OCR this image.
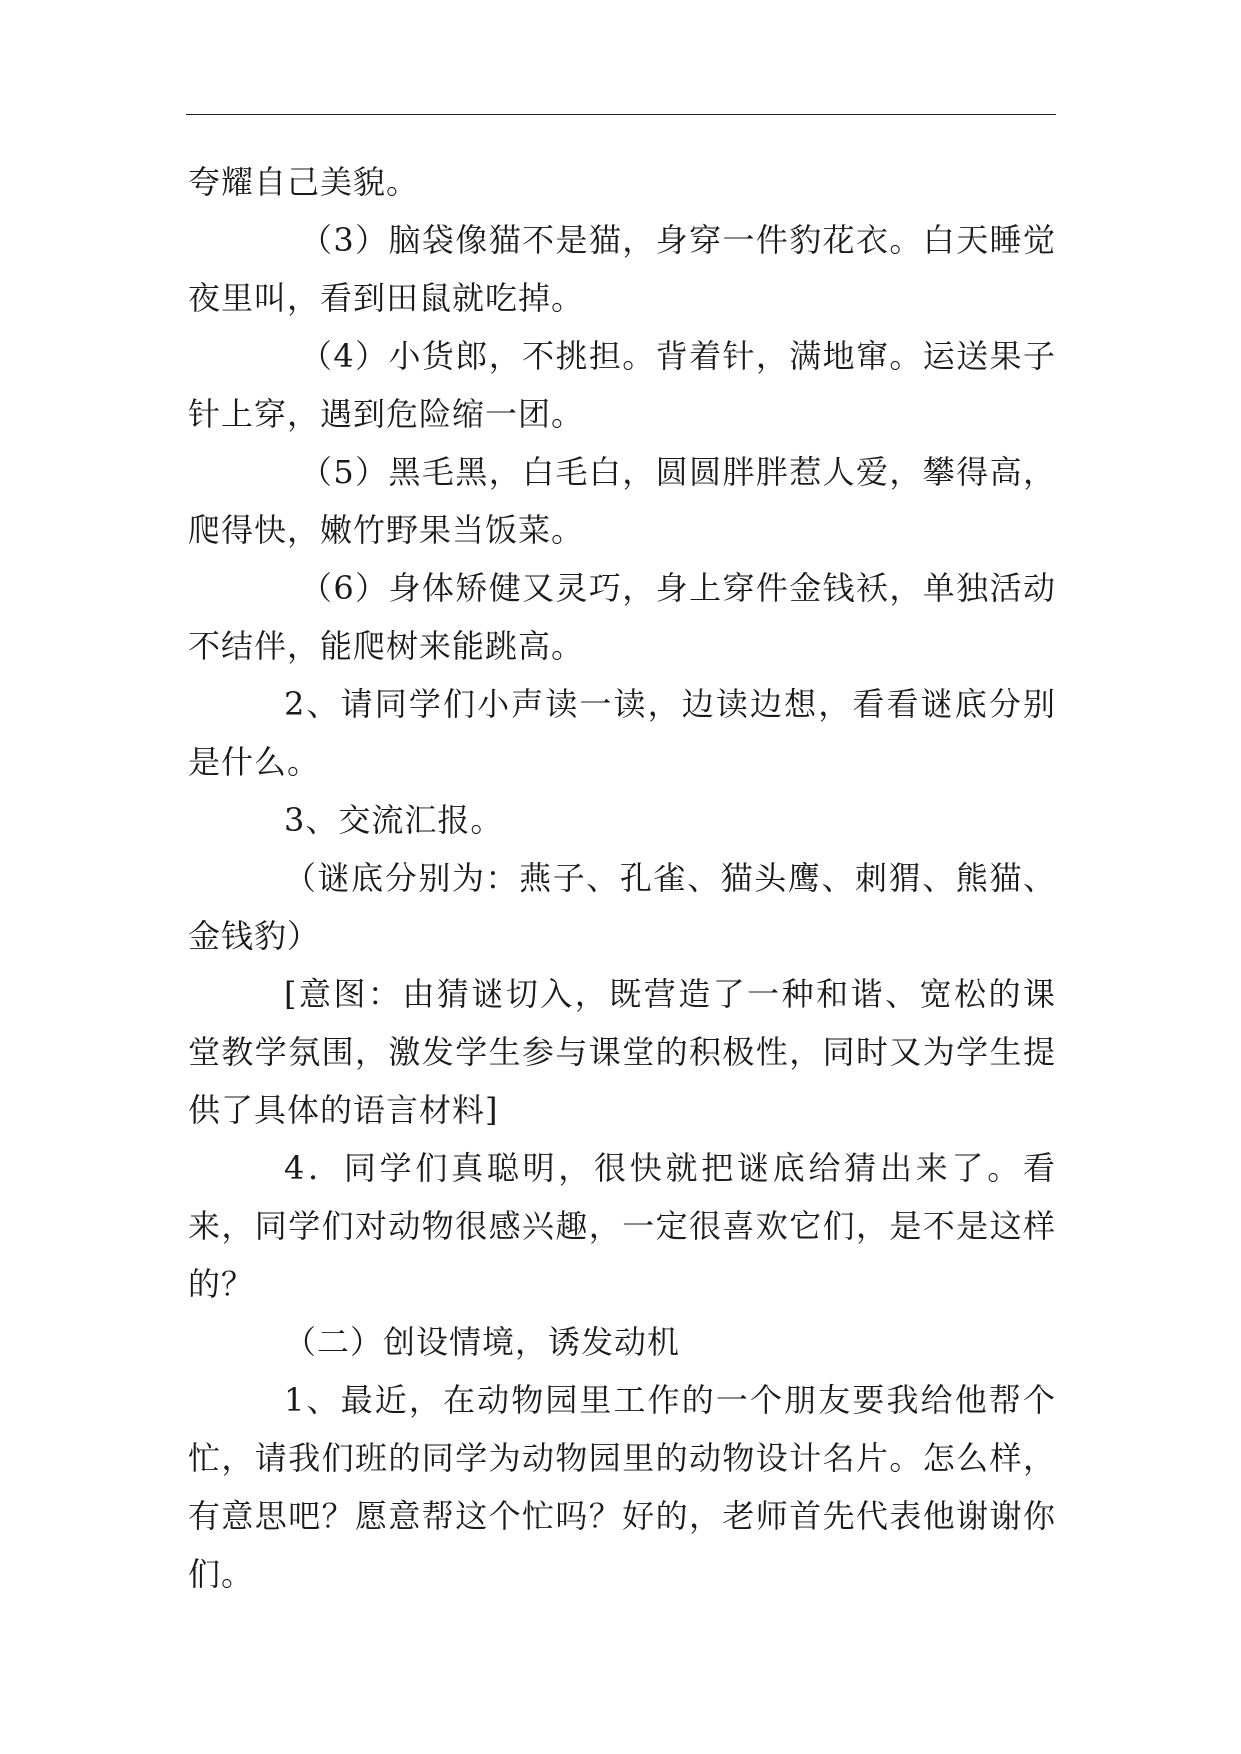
夸耀自己美貌。

（3）脑袋像猫不是猫，身穿一件豹花衣。白天睡觉夜里叫，看到田鼠就吃掉。

（4）小货郎，不挑担。背着针，满地窜。运送果子针上穿，遇到危险缩一团。

（5）黑毛黑，白毛白，圆圆胖胖惹人爱，攀得高，爬得快，嫩竹野果当饭菜。

（6）身体矫健又灵巧，身上穿件金钱袄，单独活动不结伴，能爬树来能跳高。

2、请同学们小声读一读，边读边想，看看谜底分别是什么。

3、交流汇报。

（谜底分别为：燕子、孔雀、猫头鹰、刺猬、熊猫、金钱豹）

[意图：由猜谜切入，既营造了一种和谐、宽松的课堂教学氛围，激发学生参与课堂的积极性，同时又为学生提供了具体的语言材料]

4．同学们真聪明，很快就把谜底给猜出来了。看来，同学们对动物很感兴趣，一定很喜欢它们，是不是这样的？

（二）创设情境，诱发动机

1、最近，在动物园里工作的一个朋友要我给他帮个忙，请我们班的同学为动物园里的动物设计名片。怎么样，有意思吧？愿意帮这个忙吗？好的，老师首先代表他谢谢你们。
